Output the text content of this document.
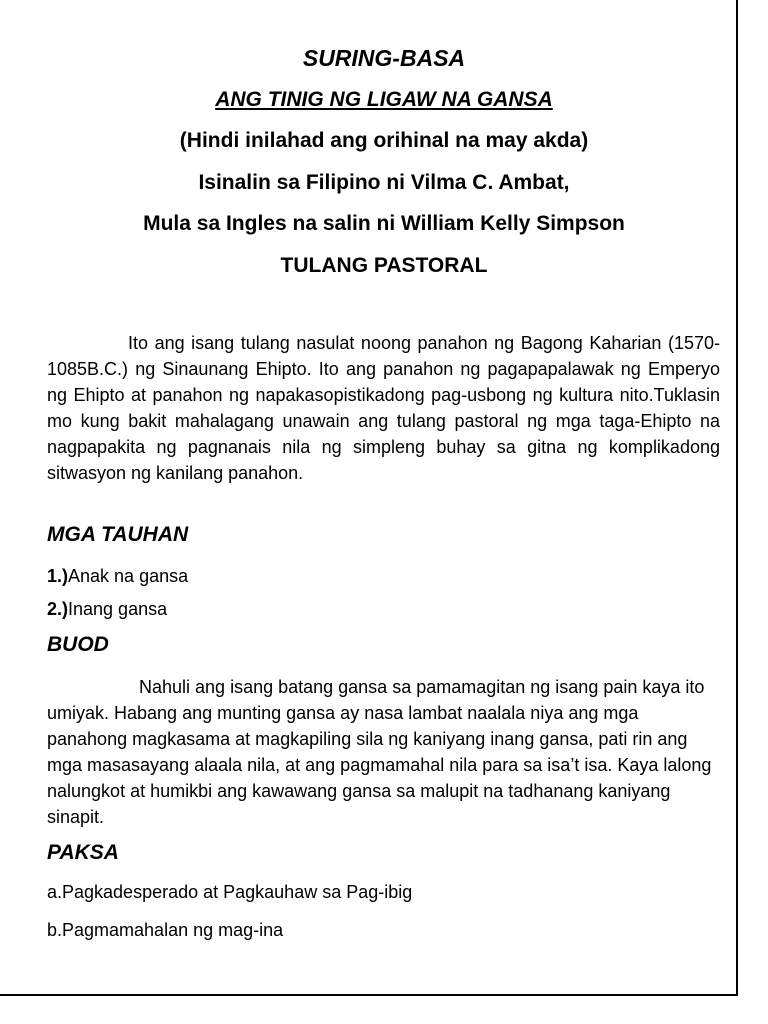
SURING-BASA
ANG TINIG NG LIGAW NA GANSA
(Hindi inilahad ang orihinal na may akda)
Isinalin sa Filipino ni Vilma C. Ambat,
Mula sa Ingles na salin ni William Kelly Simpson
TULANG PASTORAL

Ito ang isang tulang nasulat noong panahon ng Bagong Kaharian (1570-1085B.C.) ng Sinaunang Ehipto. Ito ang panahon ng pagapapalawak ng Emperyo ng Ehipto at panahon ng napakasopistikadong pag-usbong ng kultura nito.Tuklasin mo kung bakit mahalagang unawain ang tulang pastoral ng mga taga-Ehipto na nagpapakita ng pagnanais nila ng simpleng buhay sa gitna ng komplikadong sitwasyon ng kanilang panahon.

MGA TAUHAN
1.)Anak na gansa
2.)Inang gansa
BUOD

Nahuli ang isang batang gansa sa pamamagitan ng isang pain kaya ito umiyak. Habang ang munting gansa ay nasa lambat naalala niya ang mga panahong magkasama at magkapiling sila ng kaniyang inang gansa, pati rin ang mga masasayang alaala nila, at ang pagmamahal nila para sa isa’t isa. Kaya lalong nalungkot at humikbi ang kawawang gansa sa malupit na tadhanang kaniyang sinapit.

PAKSA
a.Pagkadesperado at Pagkauhaw sa Pag-ibig
b.Pagmamahalan ng mag-ina
